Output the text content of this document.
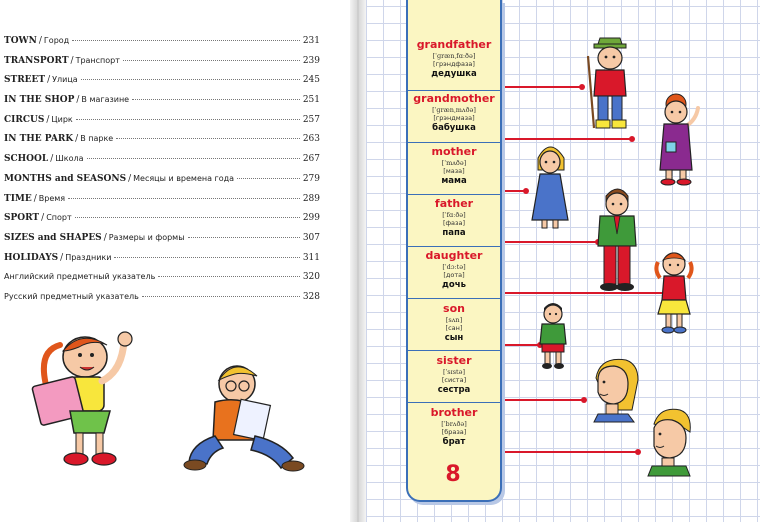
TOWN / Город	231
TRANSPORT / Транспорт	239
STREET / Улица	245
IN THE SHOP / В магазине	251
CIRCUS / Цирк	257
IN THE PARK / В парке	263
SCHOOL / Школа	267
MONTHS and SEASONS / Месяцы и времена года	279
TIME / Время	289
SPORT / Спорт	299
SIZES and SHAPES / Размеры и формы	307
HOLIDAYS / Праздники	311
Английский предметный указатель	320
Русский предметный указатель	328
grandfather
[ˈɡrænˌfɑːðə]
[грэндфаза]
дедушка
grandmother
[ˈɡrænˌmʌðə]
[грэндмаза]
бабушка
mother
[ˈmʌðə]
[маза]
мама
father
[ˈfɑːðə]
[фаза]
папа
daughter
[ˈdɔːtə]
[дота]
дочь
son
[sʌn]
[сан]
сын
sister
[ˈsɪstə]
[систа]
сестра
brother
[ˈbrʌðə]
[браза]
брат
8
